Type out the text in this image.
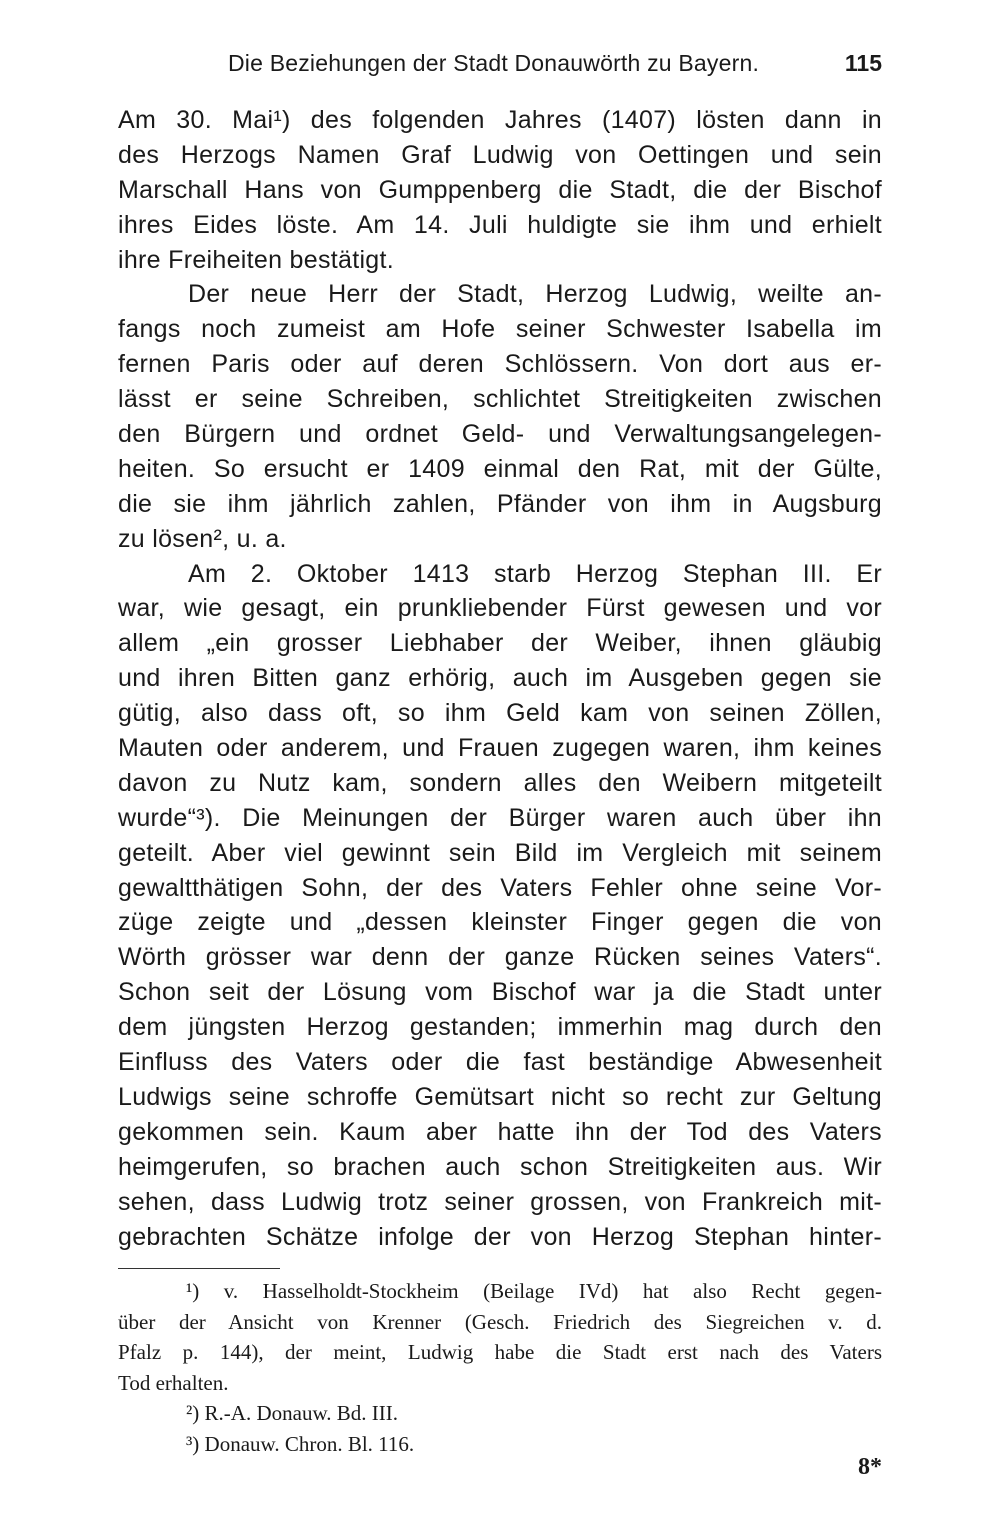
Die Beziehungen der Stadt Donauwörth zu Bayern.	115
Am 30. Mai¹) des folgenden Jahres (1407) lösten dann in
des Herzogs Namen Graf Ludwig von Oettingen und sein
Marschall Hans von Gumppenberg die Stadt, die der Bischof
ihres Eides löste. Am 14. Juli huldigte sie ihm und erhielt
ihre Freiheiten bestätigt.
Der neue Herr der Stadt, Herzog Ludwig, weilte an-
fangs noch zumeist am Hofe seiner Schwester Isabella im
fernen Paris oder auf deren Schlössern. Von dort aus er-
lässt er seine Schreiben, schlichtet Streitigkeiten zwischen
den Bürgern und ordnet Geld- und Verwaltungsangelegen-
heiten. So ersucht er 1409 einmal den Rat, mit der Gülte,
die sie ihm jährlich zahlen, Pfänder von ihm in Augsburg
zu lösen², u. a.
Am 2. Oktober 1413 starb Herzog Stephan III. Er
war, wie gesagt, ein prunkliebender Fürst gewesen und vor
allem „ein grosser Liebhaber der Weiber, ihnen gläubig
und ihren Bitten ganz erhörig, auch im Ausgeben gegen sie
gütig, also dass oft, so ihm Geld kam von seinen Zöllen,
Mauten oder anderem, und Frauen zugegen waren, ihm keines
davon zu Nutz kam, sondern alles den Weibern mitgeteilt
wurde“³). Die Meinungen der Bürger waren auch über ihn
geteilt. Aber viel gewinnt sein Bild im Vergleich mit seinem
gewaltthätigen Sohn, der des Vaters Fehler ohne seine Vor-
züge zeigte und „dessen kleinster Finger gegen die von
Wörth grösser war denn der ganze Rücken seines Vaters“.
Schon seit der Lösung vom Bischof war ja die Stadt unter
dem jüngsten Herzog gestanden; immerhin mag durch den
Einfluss des Vaters oder die fast beständige Abwesenheit
Ludwigs seine schroffe Gemütsart nicht so recht zur Geltung
gekommen sein. Kaum aber hatte ihn der Tod des Vaters
heimgerufen, so brachen auch schon Streitigkeiten aus. Wir
sehen, dass Ludwig trotz seiner grossen, von Frankreich mit-
gebrachten Schätze infolge der von Herzog Stephan hinter-
¹) v. Hasselholdt-Stockheim (Beilage IVd) hat also Recht gegen-
über der Ansicht von Krenner (Gesch. Friedrich des Siegreichen v. d.
Pfalz p. 144), der meint, Ludwig habe die Stadt erst nach des Vaters
Tod erhalten.
²) R.-A. Donauw. Bd. III.
³) Donauw. Chron. Bl. 116.
8*
